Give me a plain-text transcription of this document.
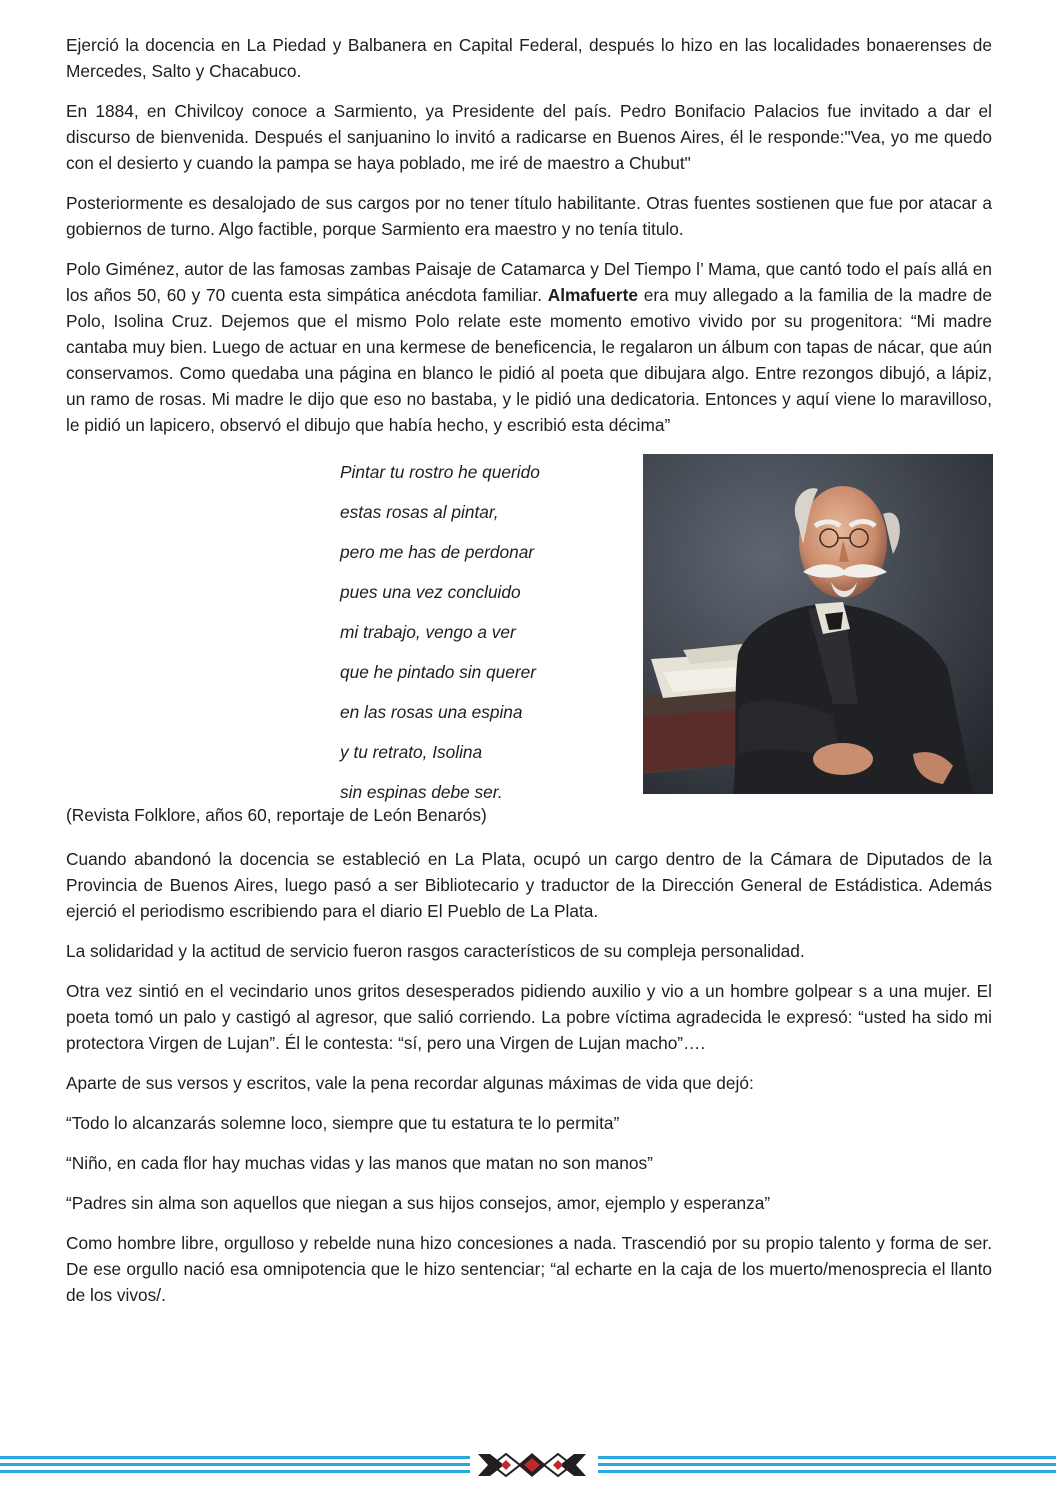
Ejerció la docencia en La Piedad y Balbanera en Capital Federal, después lo hizo en las localidades bonaerenses de Mercedes, Salto y Chacabuco.

En 1884, en Chivilcoy conoce a Sarmiento, ya Presidente del país. Pedro Bonifacio Palacios fue invitado a dar el discurso de bienvenida. Después el sanjuanino lo invitó a radicarse en Buenos Aires, él le responde:"Vea, yo me quedo con el desierto y cuando la pampa se haya poblado, me iré de maestro a Chubut"

Posteriormente es desalojado de sus cargos por no tener título habilitante. Otras fuentes sostienen que fue por atacar a gobiernos de turno. Algo factible, porque Sarmiento era maestro y no tenía titulo.

Polo Giménez, autor de las famosas zambas Paisaje de Catamarca y Del Tiempo l’ Mama, que cantó todo el país allá en los años 50, 60 y 70 cuenta esta simpática anécdota familiar. Almafuerte era muy allegado a la familia de la madre de Polo, Isolina Cruz. Dejemos que el mismo Polo relate este momento emotivo vivido por su progenitora: “Mi madre cantaba muy bien. Luego de actuar en una kermese de beneficencia, le regalaron un álbum con tapas de nácar, que aún conservamos. Como quedaba una página en blanco le pidió al poeta que dibujara algo. Entre rezongos dibujó, a lápiz, un ramo de rosas. Mi madre le dijo que eso no bastaba, y le pidió una dedicatoria. Entonces y aquí viene lo maravilloso, le pidió un lapicero, observó el dibujo que había hecho, y escribió esta décima”

Pintar tu rostro he querido
estas rosas al pintar,
pero me has de perdonar
pues una vez concluido
mi trabajo, vengo a ver
que he pintado sin querer
en las rosas una espina
y tu retrato, Isolina
sin espinas debe ser.

(Revista Folklore, años 60, reportaje de León Benarós)

Cuando abandonó la docencia se estableció en La Plata, ocupó un cargo dentro de la Cámara de Diputados de la Provincia de Buenos Aires, luego pasó a ser Bibliotecario y traductor de la Dirección General de Estádistica. Además ejerció el periodismo escribiendo para el diario El Pueblo de La Plata.

La solidaridad y la actitud de servicio fueron rasgos característicos de su compleja personalidad.

Otra vez sintió en el vecindario unos gritos desesperados pidiendo auxilio y vio a un hombre golpear s a una mujer. El poeta tomó un palo y castigó al agresor, que salió corriendo. La pobre víctima agradecida le expresó: “usted ha sido mi protectora Virgen de Lujan”. Él le contesta: “sí, pero una Virgen de Lujan macho”….

Aparte de sus versos y escritos, vale la pena recordar algunas máximas de vida que dejó:

“Todo lo alcanzarás solemne loco, siempre que tu estatura te lo permita”

“Niño, en cada flor hay muchas vidas y las manos que matan no son manos”

“Padres sin alma son aquellos que niegan a sus hijos consejos, amor, ejemplo y esperanza”

Como hombre libre, orgulloso y rebelde nuna hizo concesiones a nada. Trascendió por su propio talento y forma de ser. De ese orgullo nació esa omnipotencia que le hizo sentenciar; “al echarte en la caja de los muerto/menosprecia el llanto de los vivos/.
